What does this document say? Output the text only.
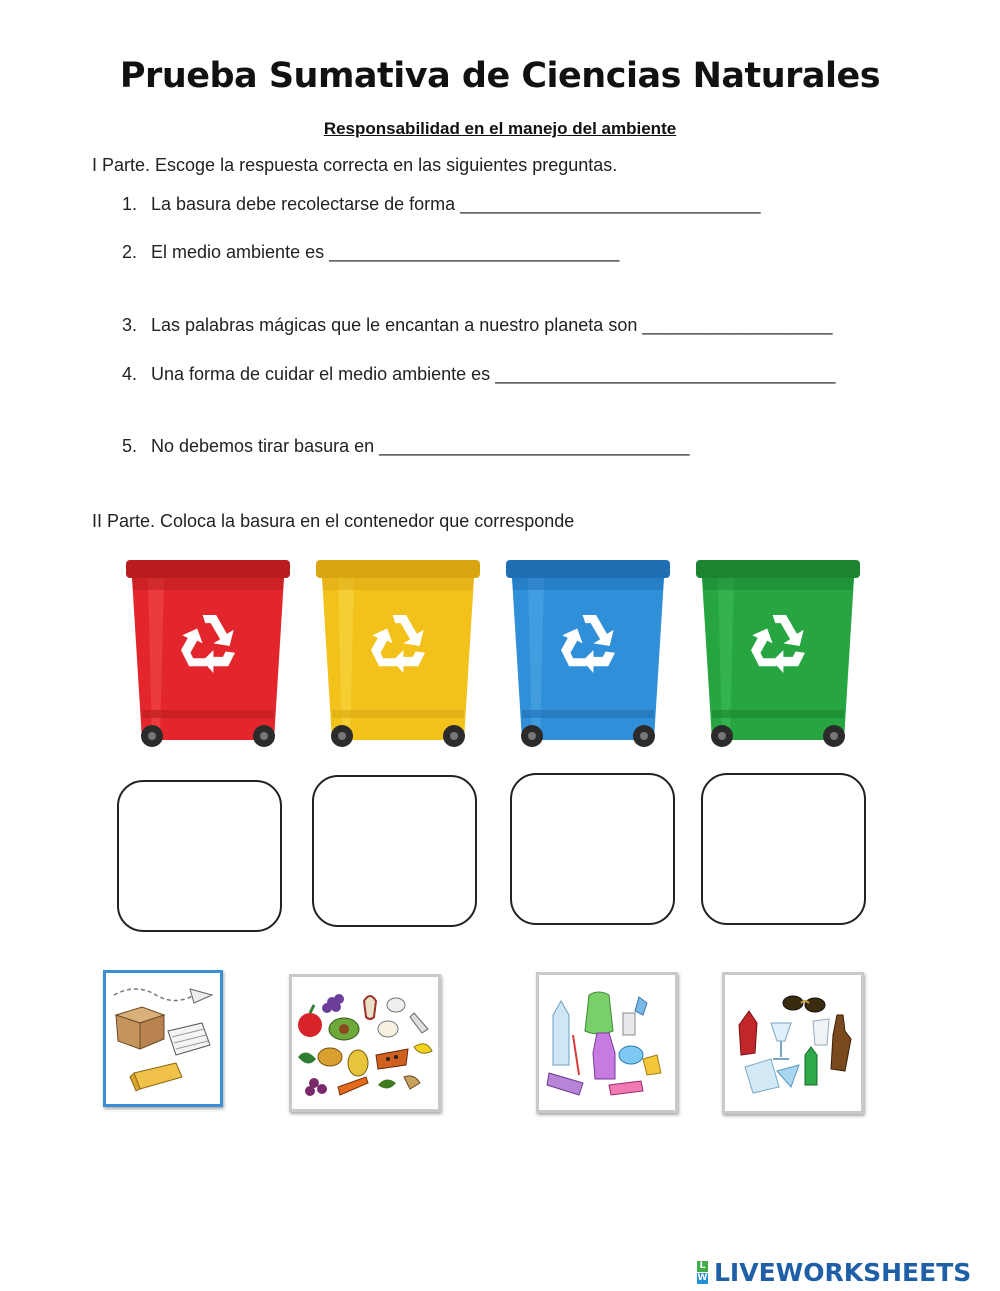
Prueba Sumativa de Ciencias Naturales
Responsabilidad en el manejo del ambiente
I Parte. Escoge la respuesta correcta en las siguientes preguntas.
1. La basura debe recolectarse de forma ______________________________
2. El medio ambiente es _____________________________
3. Las palabras mágicas que le encantan a nuestro planeta son ___________________
4. Una forma de cuidar el medio ambiente es __________________________________
5. No debemos tirar basura en _______________________________
II Parte. Coloca la basura en el contenedor que corresponde
L
W LIVEWORKSHEETS
